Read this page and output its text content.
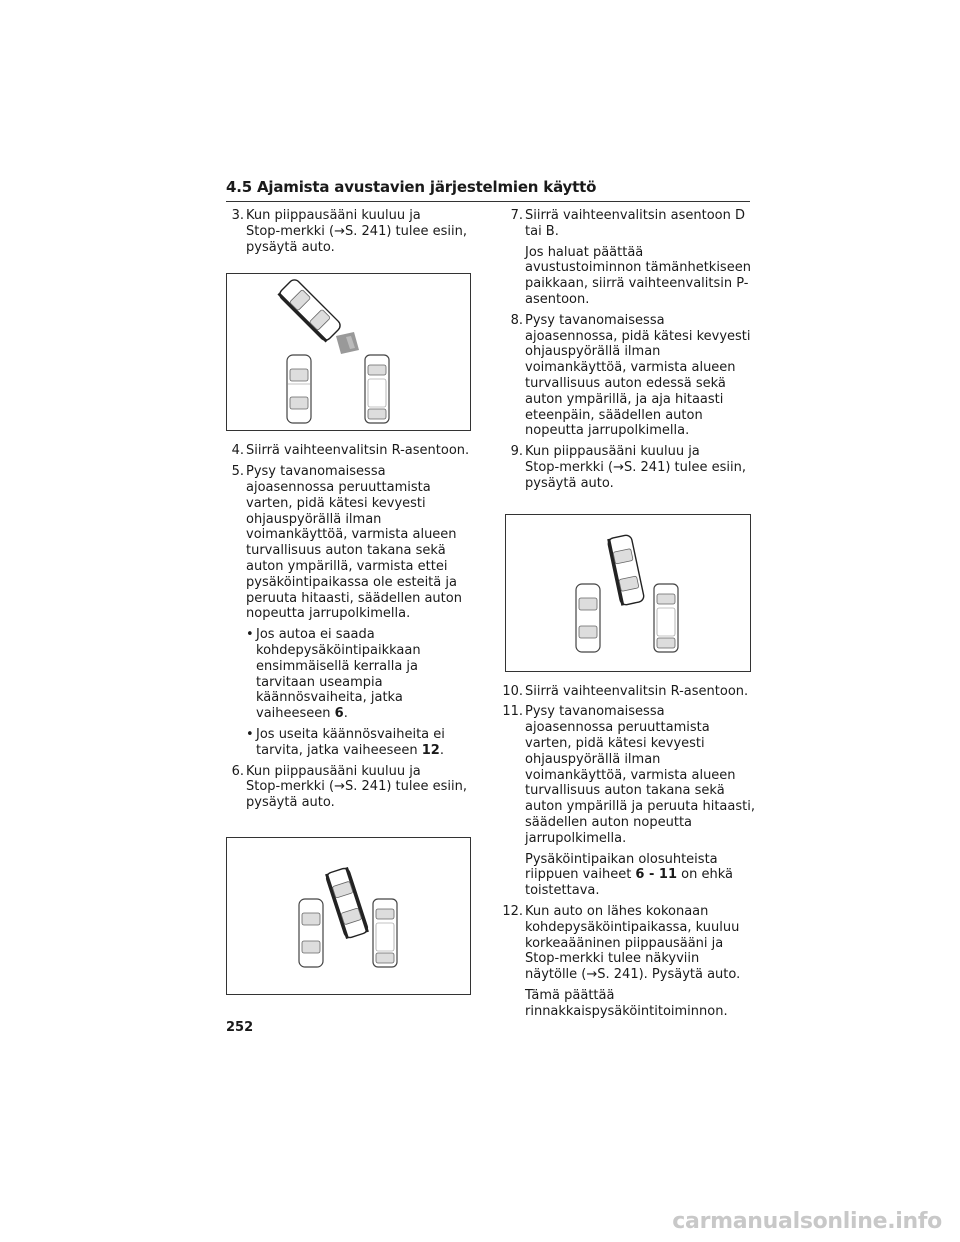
4.5 Ajamista avustavien järjestelmien käyttö
3. Kun piippausääni kuuluu ja
Stop-merkki (→S. 241) tulee esiin,
pysäytä auto.
4. Siirrä vaihteenvalitsin R-asentoon.
5. Pysy tavanomaisessa ajoasennossa peruuttamista varten, pidä kätesi kevyesti ohjauspyörällä ilman voimankäyttöä, varmista alueen turvallisuus auton takana sekä auton ympärillä, varmista ettei pysäköintipaikassa ole esteitä ja peruuta hitaasti, säädellen auton nopeutta jarrupolkimella.
• Jos autoa ei saada kohdepysäköintipaikkaan ensimmäisellä kerralla ja tarvitaan useampia käännösvaiheita, jatka vaiheeseen 6.
• Jos useita käännösvaiheita ei tarvita, jatka vaiheeseen 12.
6. Kun piippausääni kuuluu ja
Stop-merkki (→S. 241) tulee esiin,
pysäytä auto.
7. Siirrä vaihteenvalitsin asentoon D tai B.
Jos haluat päättää avustustoiminnon tämänhetkiseen paikkaan, siirrä vaihteenvalitsin P-asentoon.
8. Pysy tavanomaisessa ajoasennossa, pidä kätesi kevyesti ohjauspyörällä ilman voimankäyttöä, varmista alueen turvallisuus auton edessä sekä auton ympärillä, ja aja hitaasti eteenpäin, säädellen auton nopeutta jarrupolkimella.
9. Kun piippausääni kuuluu ja
Stop-merkki (→S. 241) tulee esiin,
pysäytä auto.
10. Siirrä vaihteenvalitsin R-asentoon.
11. Pysy tavanomaisessa ajoasennossa peruuttamista varten, pidä kätesi kevyesti ohjauspyörällä ilman voimankäyttöä, varmista alueen turvallisuus auton takana sekä auton ympärillä ja peruuta hitaasti, säädellen auton nopeutta jarrupolkimella.
Pysäköintipaikan olosuhteista riippuen vaiheet 6 - 11 on ehkä toistettava.
12. Kun auto on lähes kokonaan kohdepysäköintipaikassa, kuuluu korkeaääninen piippausääni ja Stop-merkki tulee näkyviin näytölle (→S. 241). Pysäytä auto.
Tämä päättää rinnakkaispysäköintitoiminnon.
252
carmanualsonline.info
